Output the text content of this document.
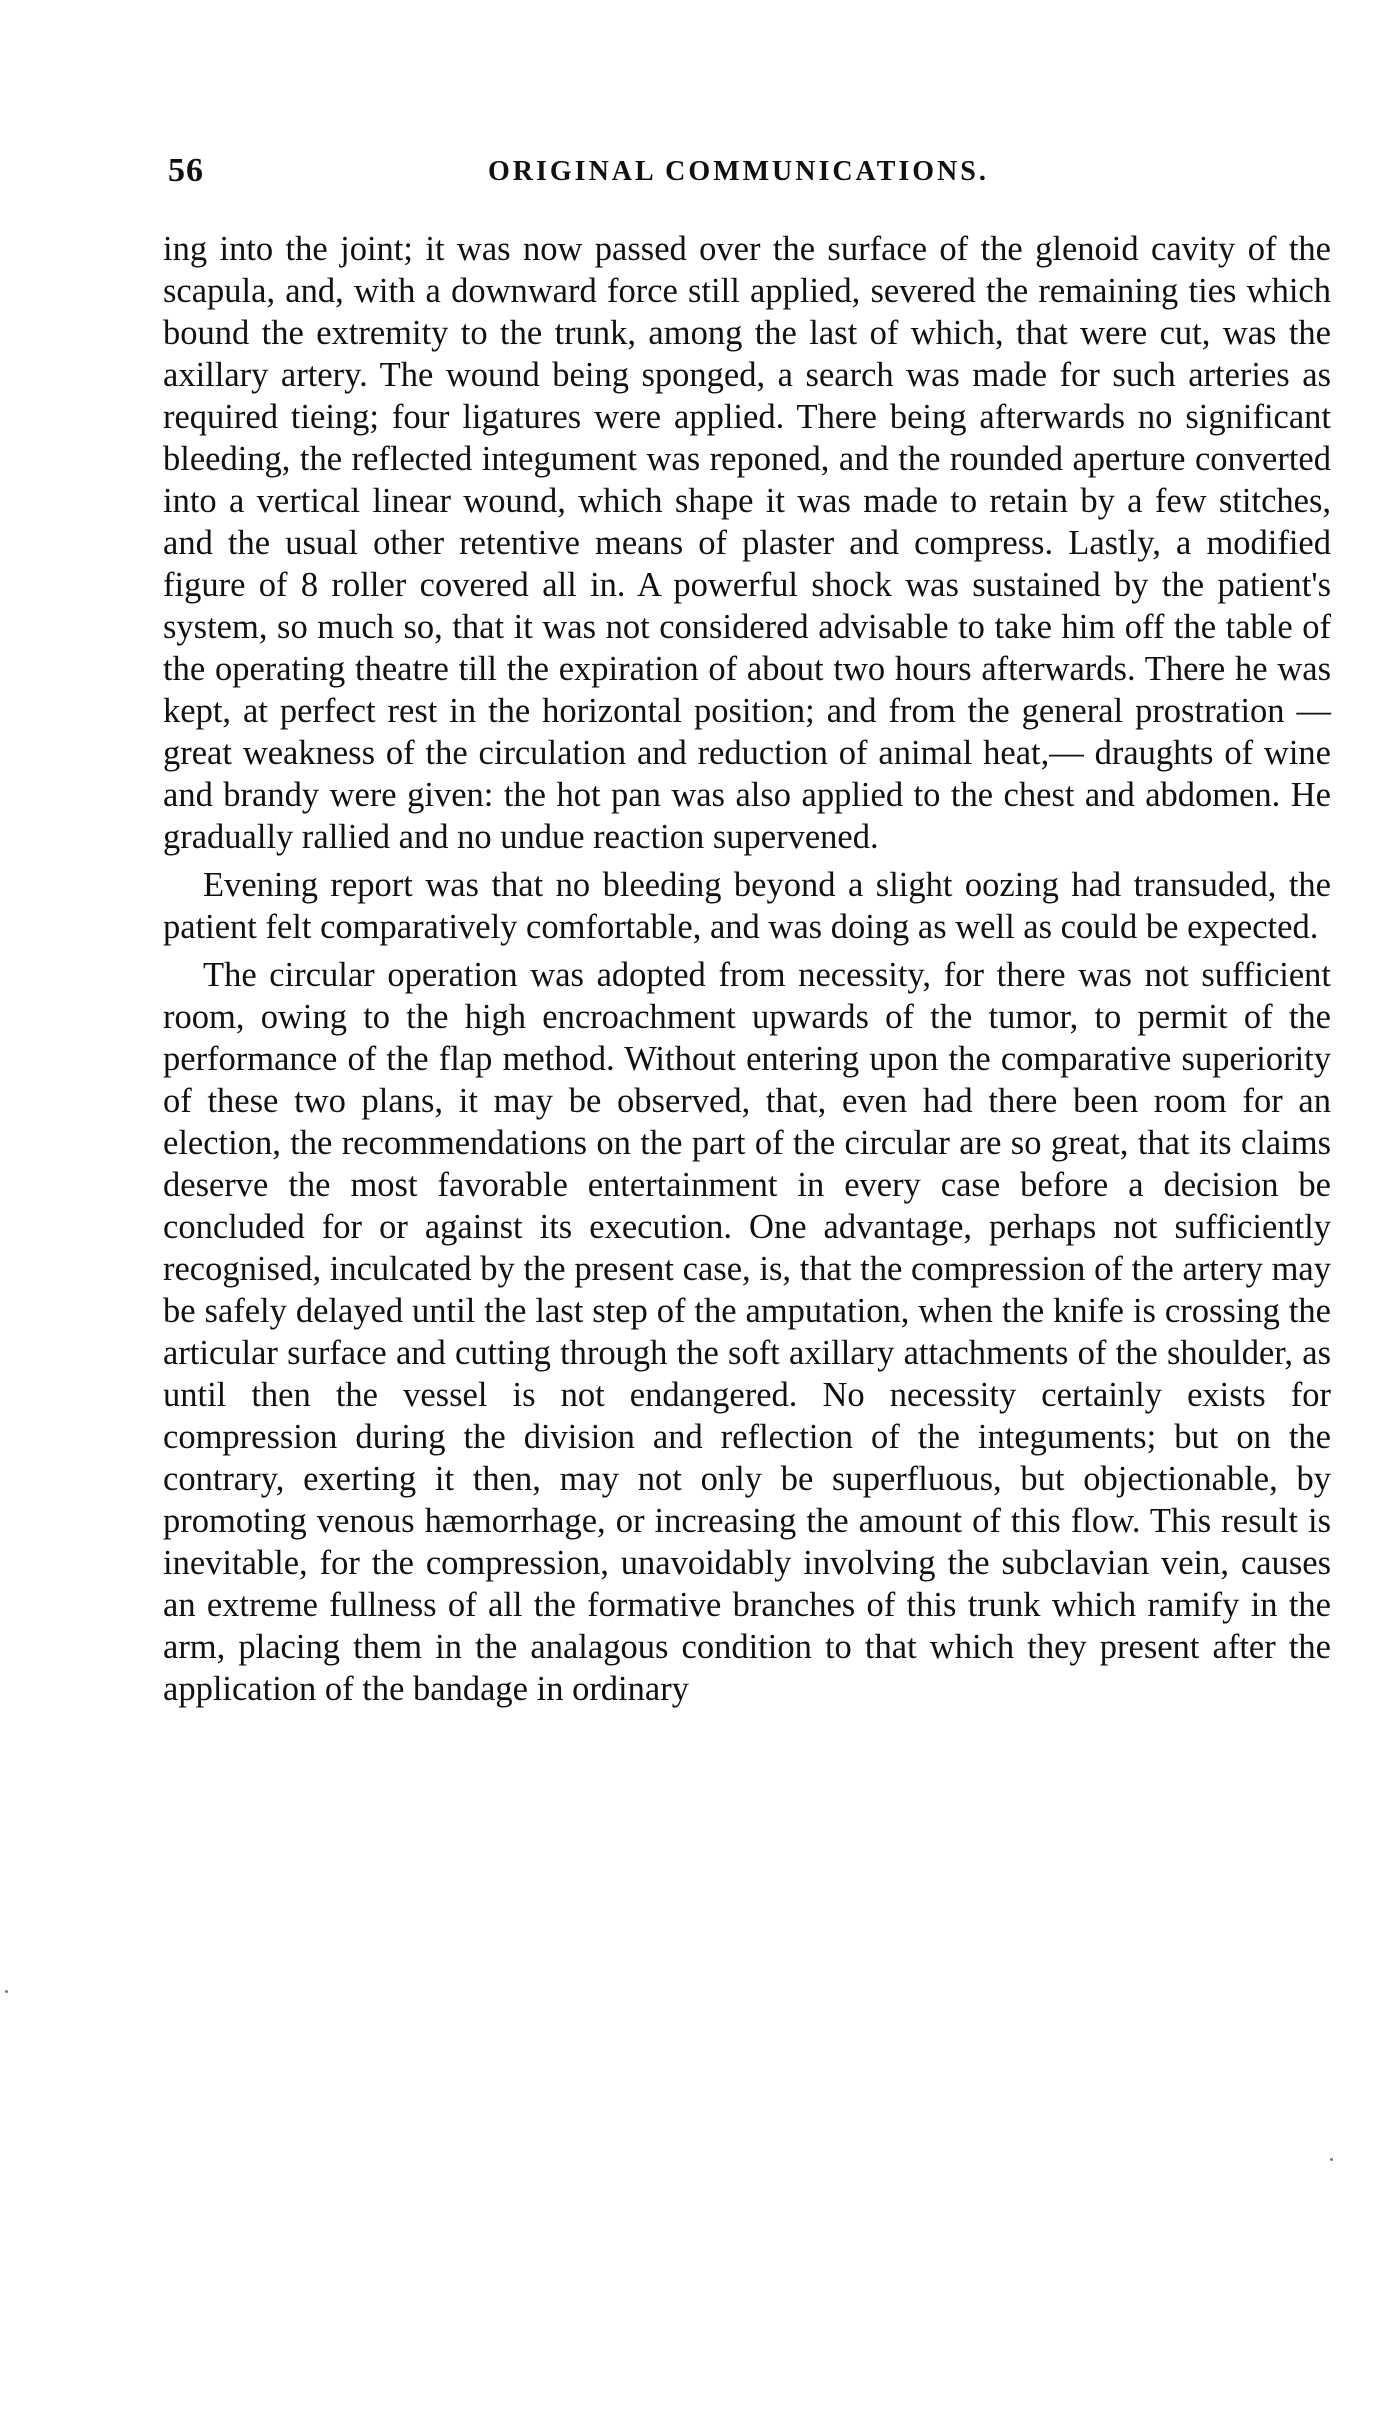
56	ORIGINAL COMMUNICATIONS.

ing into the joint; it was now passed over the surface of the glenoid cavity of the scapula, and, with a downward force still applied, severed the remaining ties which bound the extremity to the trunk, among the last of which, that were cut, was the axillary artery. The wound being sponged, a search was made for such arteries as required tieing; four ligatures were applied. There being afterwards no significant bleeding, the reflected integument was reponed, and the rounded aperture converted into a vertical linear wound, which shape it was made to retain by a few stitches, and the usual other retentive means of plaster and compress. Lastly, a modified figure of 8 roller covered all in. A powerful shock was sustained by the patient's system, so much so, that it was not considered advisable to take him off the table of the operating theatre till the expiration of about two hours afterwards. There he was kept, at perfect rest in the horizontal position; and from the general prostration —great weakness of the circulation and reduction of animal heat,— draughts of wine and brandy were given: the hot pan was also applied to the chest and abdomen. He gradually rallied and no undue reaction supervened.

Evening report was that no bleeding beyond a slight oozing had transuded, the patient felt comparatively comfortable, and was doing as well as could be expected.

The circular operation was adopted from necessity, for there was not sufficient room, owing to the high encroachment upwards of the tumor, to permit of the performance of the flap method. Without entering upon the comparative superiority of these two plans, it may be observed, that, even had there been room for an election, the recommendations on the part of the circular are so great, that its claims deserve the most favorable entertainment in every case before a decision be concluded for or against its execution. One advantage, perhaps not sufficiently recognised, inculcated by the present case, is, that the compression of the artery may be safely delayed until the last step of the amputation, when the knife is crossing the articular surface and cutting through the soft axillary attachments of the shoulder, as until then the vessel is not endangered. No necessity certainly exists for compression during the division and reflection of the integuments; but on the contrary, exerting it then, may not only be superfluous, but objectionable, by promoting venous hæmorrhage, or increasing the amount of this flow. This result is inevitable, for the compression, unavoidably involving the subclavian vein, causes an extreme fullness of all the formative branches of this trunk which ramify in the arm, placing them in the analagous condition to that which they present after the application of the bandage in ordinary
